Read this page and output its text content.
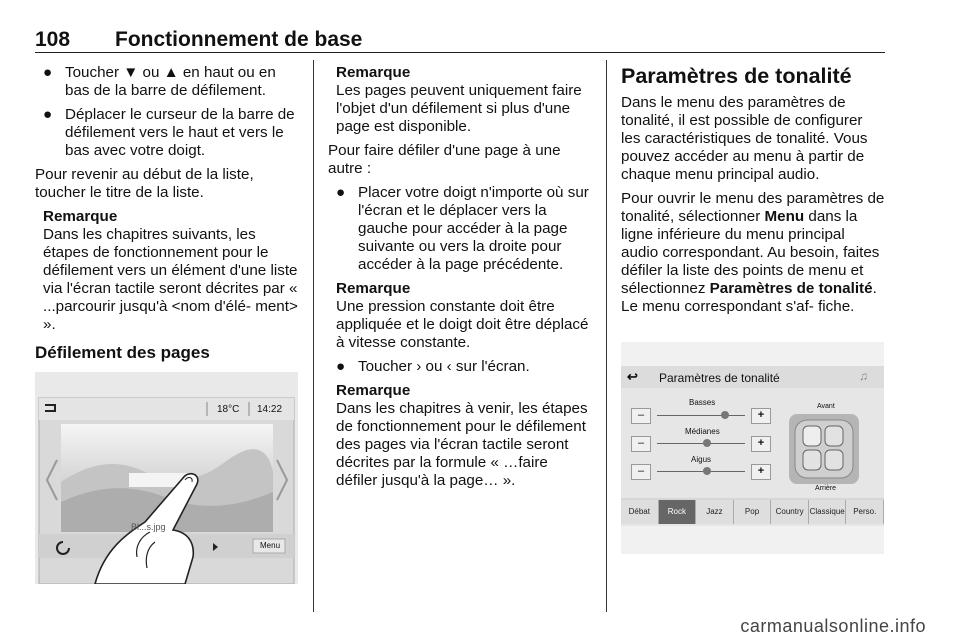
108 Fonctionnement de base
● Toucher ▼ ou ▲ en haut ou en bas de la barre de défilement.
● Déplacer le curseur de la barre de défilement vers le haut et vers le bas avec votre doigt.

Pour revenir au début de la liste, toucher le titre de la liste.

Remarque
Dans les chapitres suivants, les étapes de fonctionnement pour le défilement vers un élément d'une liste via l'écran tactile seront décrites par « ...parcourir jusqu'à <nom d'élé- ment> ».
Défilement des pages
18°C 14:22
Bl...s.jpg
Menu
Remarque
Les pages peuvent uniquement faire l'objet d'un défilement si plus d'une page est disponible.

Pour faire défiler d'une page à une autre :

● Placer votre doigt n'importe où sur l'écran et le déplacer vers la gauche pour accéder à la page suivante ou vers la droite pour accéder à la page précédente.
Remarque
Une pression constante doit être appliquée et le doigt doit être déplacé à vitesse constante.
● Toucher › ou ‹ sur l'écran.
Remarque
Dans les chapitres à venir, les étapes de fonctionnement pour le défilement des pages via l'écran tactile seront décrites par la formule « …faire défiler jusqu'à la page… ».
Paramètres de tonalité

Dans le menu des paramètres de tonalité, il est possible de configurer les caractéristiques de tonalité. Vous pouvez accéder au menu à partir de chaque menu principal audio.

Pour ouvrir le menu des paramètres de tonalité, sélectionner Menu dans la ligne inférieure du menu principal audio correspondant. Au besoin, faites défiler la liste des points de menu et sélectionnez Paramètres de tonalité. Le menu correspondant s'af- fiche.

↩ Paramètres de tonalité	♫
Basses
Médianes
Aigus
–	+
–	+
–	+
Avant
Arrière
Débat	Rock	Jazz	Pop	Country Classique	Perso.
carmanualsonline.info
